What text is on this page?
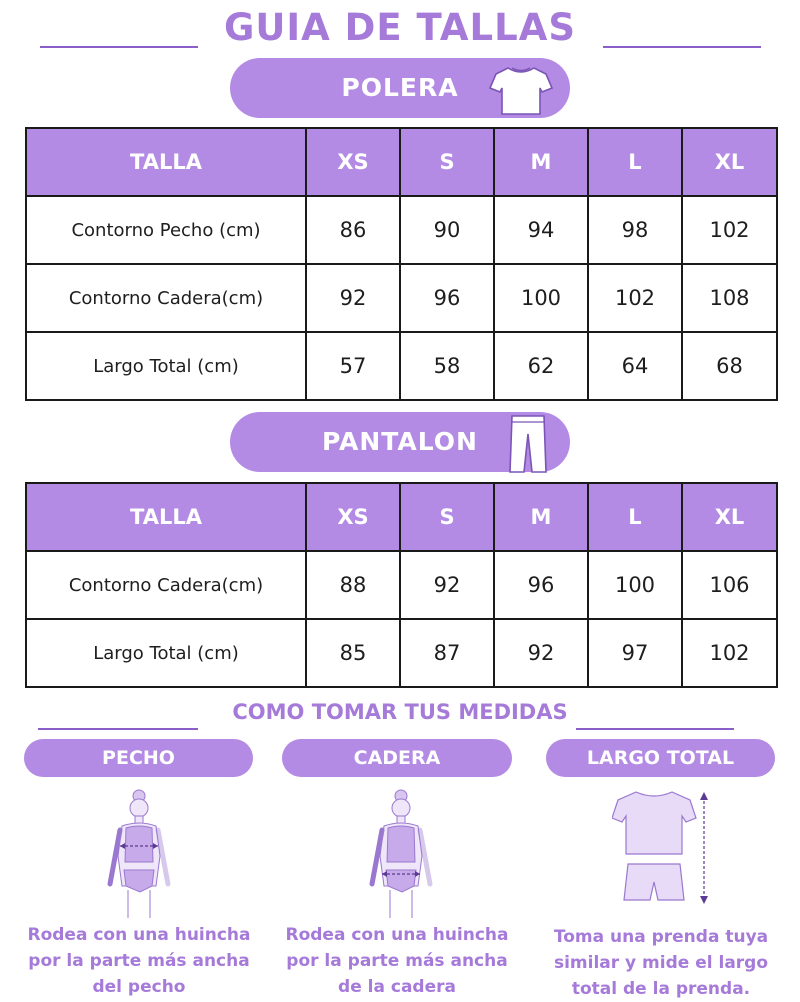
GUIA DE TALLAS
POLERA
TALLA	XS	S	M	L	XL
Contorno Pecho (cm)	86	90	94	98	102
Contorno Cadera(cm)	92	96	100	102	108
Largo Total (cm)	57	58	62	64	68
PANTALON
TALLA	XS	S	M	L	XL
Contorno Cadera(cm)	88	92	96	100	106
Largo Total (cm)	85	87	92	97	102
COMO TOMAR TUS MEDIDAS
PECHO	CADERA	LARGO TOTAL
Rodea con una huincha
por la parte más ancha
del pecho
Rodea con una huincha
por la parte más ancha
de la cadera
Toma una prenda tuya
similar y mide el largo
total de la prenda.
